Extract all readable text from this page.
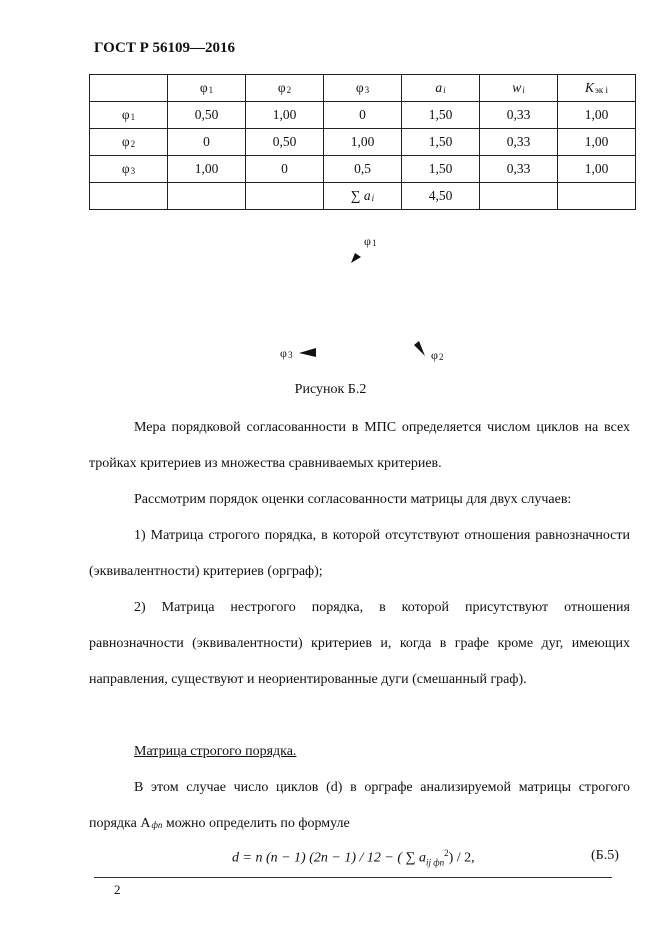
ГОСТ Р 56109—2016
	φ1	φ2	φ3	ai	wi	Kэк i
φ1	0,50	1,00	0	1,50	0,33	1,00
φ2	0	0,50	1,00	1,50	0,33	1,00
φ3	1,00	0	0,5	1,50	0,33	1,00
			∑ ai	4,50		
φ1
φ2
φ3
Рисунок Б.2

Мера порядковой согласованности в МПС определяется числом циклов на всех тройках критериев из множества сравниваемых критериев.

Рассмотрим порядок оценки согласованности матрицы для двух случаев:

1) Матрица строгого порядка, в которой отсутствуют отношения равнозначности (эквивалентности) критериев (орграф);

2) Матрица нестрогого порядка, в которой присутствуют отношения равнозначности (эквивалентности) критериев и, когда в графе кроме дуг, имеющих направления, существуют и неориентированные дуги (смешанный граф).

Матрица строгого порядка.

В этом случае число циклов (d) в орграфе анализируемой матрицы строгого порядка Aфп можно определить по формуле

d = n (n − 1) (2n − 1) / 12 − ( ∑ $a_{ij фп}^2) / 2$,	(Б.5)
2
